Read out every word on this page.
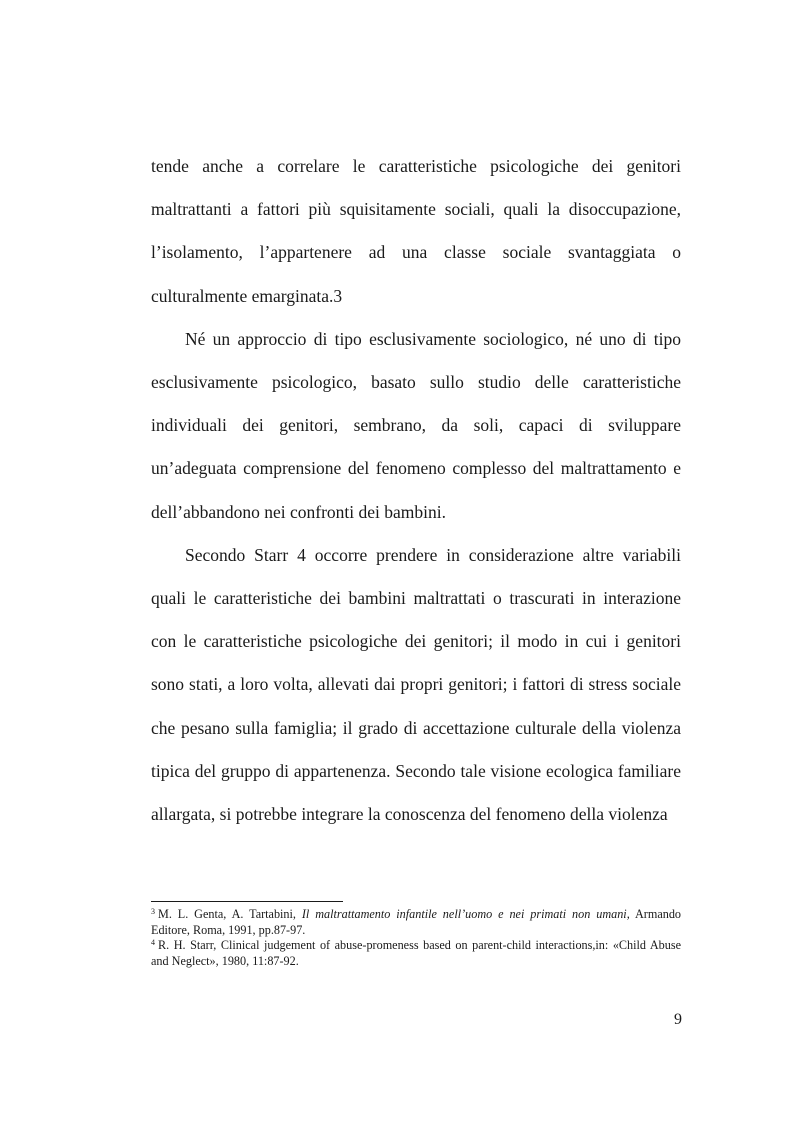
tende anche a correlare le caratteristiche psicologiche dei genitori maltrattanti a fattori più squisitamente sociali, quali la disoccupazione, l’isolamento, l’appartenere ad una classe sociale svantaggiata o culturalmente emarginata.3

Né un approccio di tipo esclusivamente sociologico, né uno di tipo esclusivamente psicologico, basato sullo studio delle caratteristiche individuali dei genitori, sembrano, da soli, capaci di sviluppare un’adeguata comprensione del fenomeno complesso del maltrattamento e dell’abbandono nei confronti dei bambini.

Secondo Starr 4 occorre prendere in considerazione altre variabili quali le caratteristiche dei bambini maltrattati o trascurati in interazione con le caratteristiche psicologiche dei genitori; il modo in cui i genitori sono stati, a loro volta, allevati dai propri genitori; i fattori di stress sociale che pesano sulla famiglia; il grado di accettazione culturale della violenza tipica del gruppo di appartenenza. Secondo tale visione ecologica familiare allargata, si potrebbe integrare la conoscenza del fenomeno della violenza

$^3$ M. L. Genta, A. Tartabini, Il maltrattamento infantile nell’uomo e nei primati non umani, Armando Editore, Roma, 1991, pp.87-97.

$^4$ R. H. Starr, Clinical judgement of abuse-promeness based on parent-child interactions,in: «Child Abuse and Neglect», 1980, 11:87-92.

9
